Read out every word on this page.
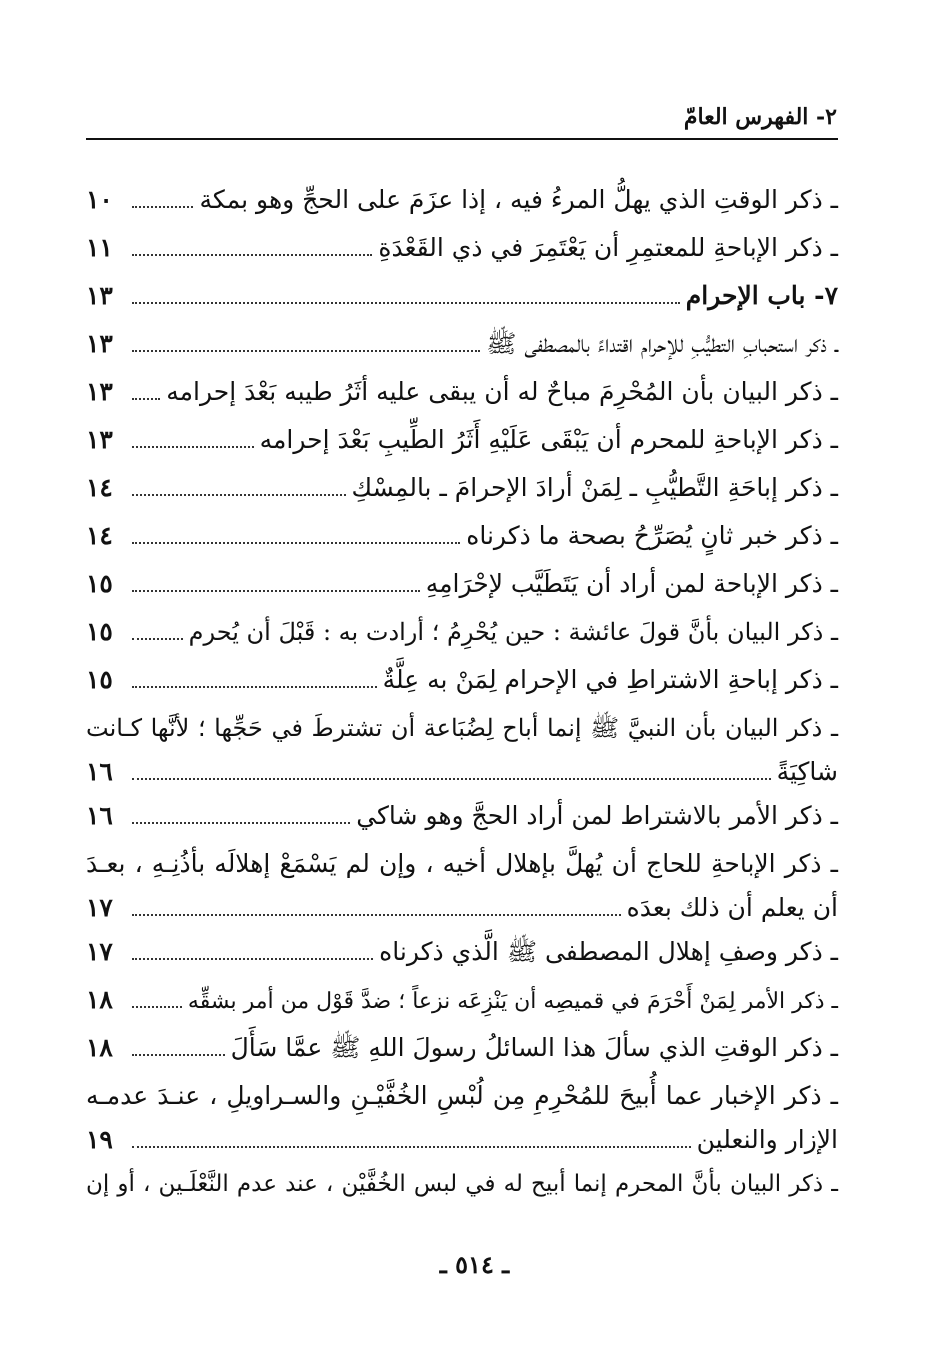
٢- الفهرس العامّ
ـ ذكر الوقتِ الذي يهلُّ المرءُ فيه ، إذا عزَمَ على الحجِّ وهو بمكة
١٠
ـ ذكر الإباحةِ للمعتمِرِ أن يَعْتَمِرَ في ذي القَعْدَةِ
١١
٧- باب الإحرام
١٣
ـ ذكر استحبابِ التطيُّبِ للإحرام اقتداءً بالمصطفى ﷺ
١٣
ـ ذكر البيان بأن المُحْرِمَ مباحٌ له أن يبقى عليه أثَرُ طيبه بَعْدَ إحرامه
١٣
ـ ذكر الإباحةِ للمحرم أن يَبْقَى عَلَيْهِ أَثَرُ الطِّيبِ بَعْدَ إحرامه
١٣
ـ ذكر إباحَةِ التَّطيُّبِ ـ لِمَنْ أرادَ الإحرامَ ـ بالمِسْكِ
١٤
ـ ذكر خبر ثانٍ يُصَرِّحُ بصحة ما ذكرناه
١٤
ـ ذكر الإباحة لمن أراد أن يَتَطَيَّب لإحْرَامِهِ
١٥
ـ ذكر البيان بأنَّ قولَ عائشة : حين يُحْرِمُ ؛ أرادت به : قَبْلَ أن يُحرم
١٥
ـ ذكر إباحةِ الاشتراطِ في الإحرام لِمَنْ به عِلَّةٌ
١٥
ـ ذكر البيان بأن النبيَّ ﷺ إنما أباح لِضُبَاعة أن تشترطَ في حَجِّها ؛ لأنَّها كـانت
شاكِيَةً
١٦
ـ ذكر الأمر بالاشتراط لمن أراد الحجَّ وهو شاكي
١٦
ـ ذكر الإباحةِ للحاج أن يُهلَّ بإهلال أخيه ، وإن لم يَسْمَعْ إهلالَه بأذُنِـهِ ، بعـدَ
أن يعلم أن ذلك بعدَه
١٧
ـ ذكر وصفِ إهلال المصطفى ﷺ الَّذي ذكرناه
١٧
ـ ذكر الأمر لِمَنْ أَحْرَمَ في قميصِه أن يَنْزِعَه نزعاً ؛ ضدَّ قَوْل من أمر بشقِّه
١٨
ـ ذكر الوقتِ الذي سألَ هذا السائلُ رسولَ اللهِ ﷺ عمَّا سَأَلَ
١٨
ـ ذكر الإخبار عما أُبيحَ للمُحْرِمِ مِن لُبْسِ الخُفَّيْـنِ والسـراويلِ ، عنـدَ عدمـه
الإزار والنعلين
١٩
ـ ذكر البيان بأنَّ المحرم إنما أبيح له في لبس الخُفَّيْن ، عند عدم النَّعْلَـين ، أو إن
ـ ٥١٤ ـ
